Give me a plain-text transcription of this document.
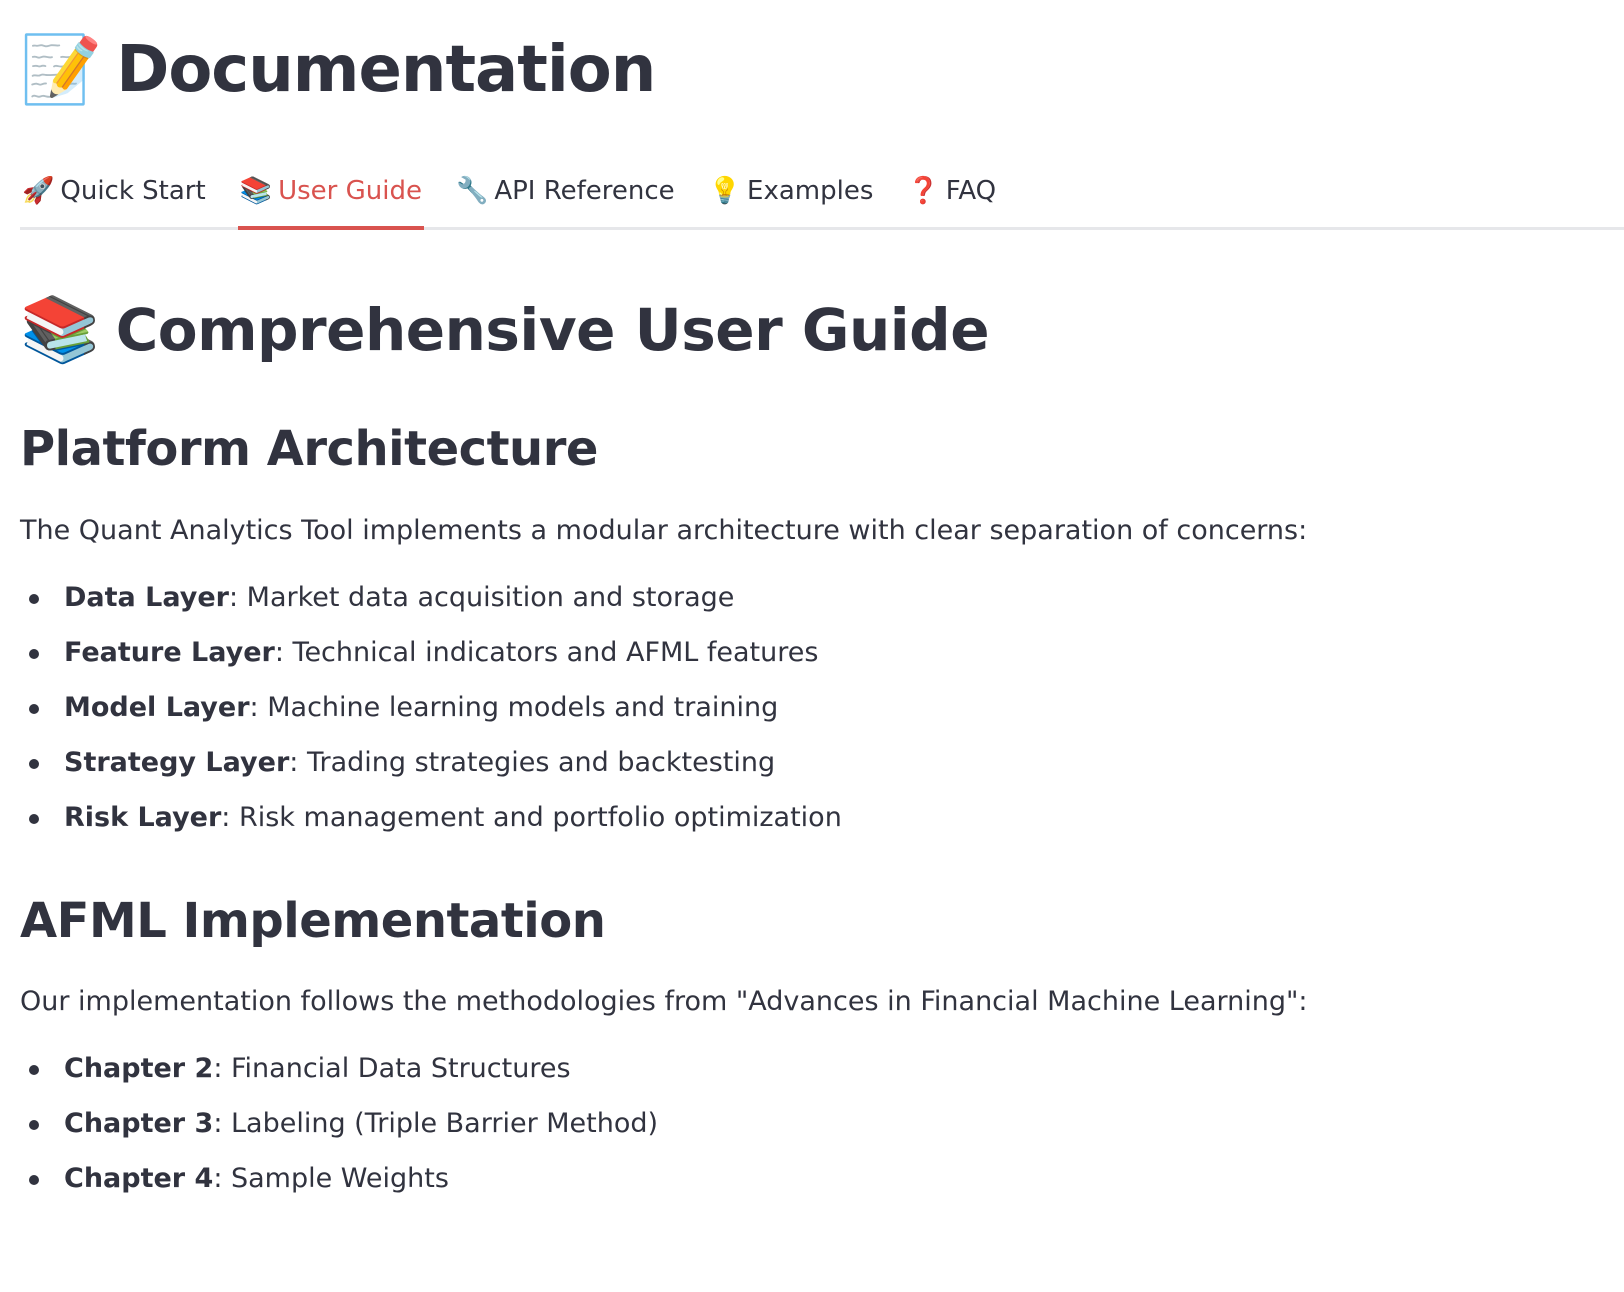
📝 Documentation
🚀 Quick Start 📚 User Guide 🔧 API Reference 💡 Examples ❓ FAQ
📚 Comprehensive User Guide
Platform Architecture

The Quant Analytics Tool implements a modular architecture with clear separation of concerns:

Data Layer: Market data acquisition and storage
Feature Layer: Technical indicators and AFML features
Model Layer: Machine learning models and training
Strategy Layer: Trading strategies and backtesting
Risk Layer: Risk management and portfolio optimization
AFML Implementation

Our implementation follows the methodologies from "Advances in Financial Machine Learning":

Chapter 2: Financial Data Structures
Chapter 3: Labeling (Triple Barrier Method)
Chapter 4: Sample Weights
